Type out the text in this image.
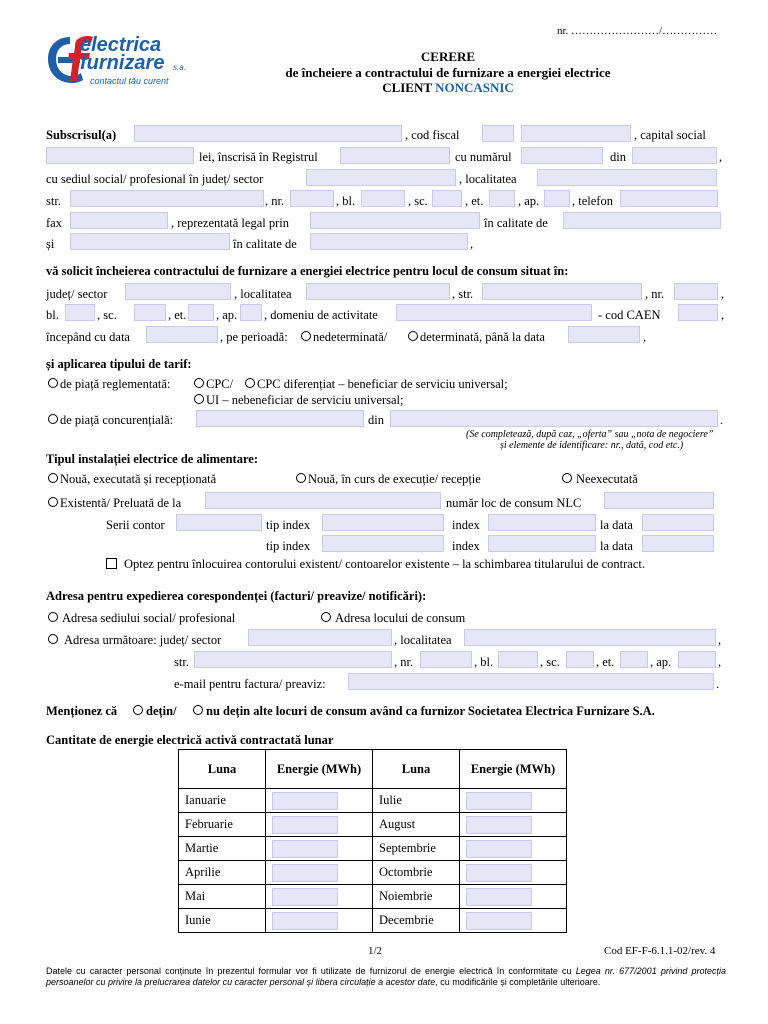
nr. ……………………/……………
electrica
furnizare s.a.
contactul tău curent
CERERE
de încheiere a contractului de furnizare a energiei electrice
CLIENT NONCASNIC
Subscrisul(a)	, cod fiscal	, capital social
lei, înscrisă în Registrul	cu numărul	din	,
cu sediul social/ profesional în județ/ sector	, localitatea
str.	, nr.	, bl.	, sc.	, et.	, ap.	, telefon
fax	, reprezentată legal prin	în calitate de
și	în calitate de	,
vă solicit încheierea contractului de furnizare a energiei electrice pentru locul de consum situat în:
județ/ sector	, localitatea	, str.	, nr.	,
bl.	, sc.	, et. , ap. , domeniu de activitate	- cod CAEN	,
începând cu data	, pe perioadă: nedeterminată/	determinată, până la data	,
și aplicarea tipului de tarif:
de piață reglementată:	CPC/ CPC diferențiat – beneficiar de serviciu universal;
UI – nebeneficiar de serviciu universal;
de piață concurențială:	din	.
(Se completează, după caz, „oferta” sau „nota de negociere”
și elemente de identificare: nr., dată, cod etc.)
Tipul instalației electrice de alimentare:
Nouă, executată și recepționată	Nouă, în curs de execuție/ recepție	Neexecutată
Existentă/ Preluată de la	număr loc de consum NLC
Serii contor	tip index	index	la data
tip index	index	la data
Optez pentru înlocuirea contorului existent/ contoarelor existente – la schimbarea titularului de contract.
Adresa pentru expedierea corespondenței (facturi/ preavize/ notificări):
Adresa sediului social/ profesional	Adresa locului de consum
Adresa următoare: județ/ sector	, localitatea	,
str.	, nr.	, bl.	, sc.	, et.	, ap.	,
e-mail pentru factura/ preaviz:	.
Menționez că dețin/ nu dețin alte locuri de consum având ca furnizor Societatea Electrica Furnizare S.A.
Cantitate de energie electrică activă contractată lunar
Luna	Energie (MWh)	Luna	Energie (MWh)
Ianuarie		Iulie	
Februarie		August	
Martie		Septembrie	
Aprilie		Octombrie	
Mai		Noiembrie	
Iunie		Decembrie	
1/2	Cod EF-F-6.1.1-02/rev. 4
Datele cu caracter personal conținute în prezentul formular vor fi utilizate de furnizorul de energie electrică în conformitate cu Legea nr. 677/2001 privind protecția persoanelor cu privire la prelucrarea datelor cu caracter personal și libera circulație a acestor date, cu modificările și completările ulterioare.
